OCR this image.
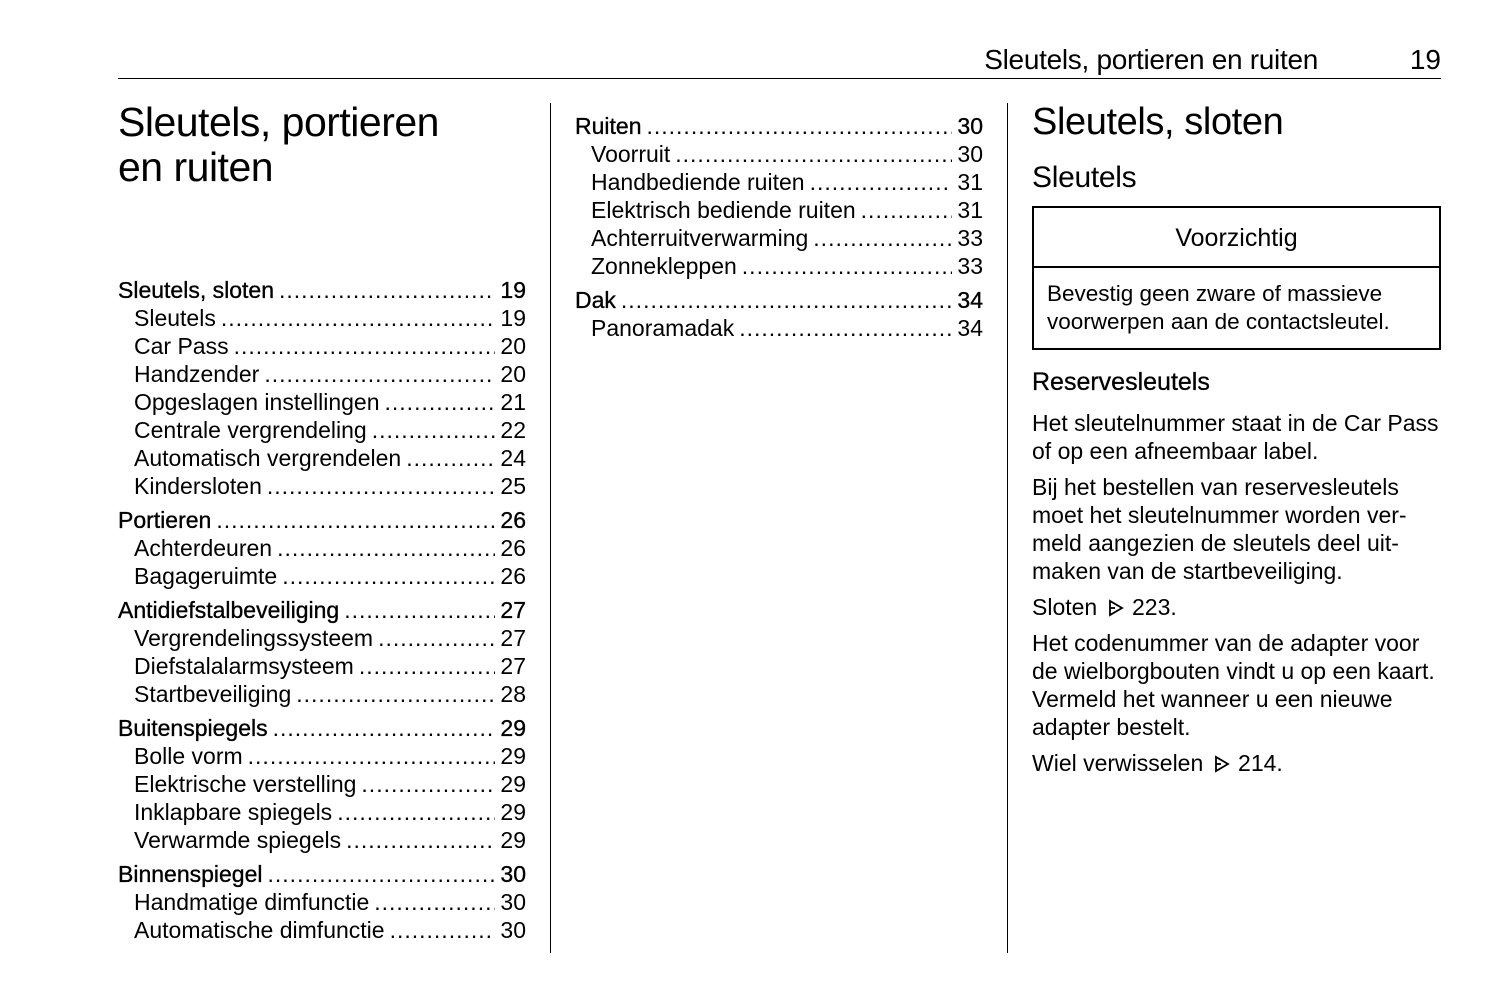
Sleutels, portieren en ruiten	19
Sleutels, portieren
en ruiten
Sleutels, sloten .....	19
Sleutels .....	19
Car Pass .....	20
Handzender .....	20
Opgeslagen instellingen .....	21
Centrale vergrendeling .....	22
Automatisch vergrendelen .....	24
Kindersloten .....	25
Portieren .....	26
Achterdeuren .....	26
Bagageruimte .....	26
Antidiefstalbeveiliging .....	27
Vergrendelingssysteem .....	27
Diefstalalarmsysteem .....	27
Startbeveiliging .....	28
Buitenspiegels .....	29
Bolle vorm .....	29
Elektrische verstelling .....	29
Inklapbare spiegels .....	29
Verwarmde spiegels .....	29
Binnenspiegel .....	30
Handmatige dimfunctie .....	30
Automatische dimfunctie .....	30
Ruiten .....	30
Voorruit .....	30
Handbediende ruiten .....	31
Elektrisch bediende ruiten .....	31
Achterruitverwarming .....	33
Zonnekleppen .....	33
Dak .....	34
Panoramadak .....	34
Sleutels, sloten
Sleutels
Voorzichtig
Bevestig geen zware of massieve voorwerpen aan de contactsleutel.
Reservesleutels

Het sleutelnummer staat in de Car Pass of op een afneembaar label.

Bij het bestellen van reservesleutels moet het sleutelnummer worden vermeld aangezien de sleutels deel uitmaken van de startbeveiliging.

Sloten 223.

Het codenummer van de adapter voor de wielborgbouten vindt u op een kaart. Vermeld het wanneer u een nieuwe adapter bestelt.

Wiel verwisselen 214.
